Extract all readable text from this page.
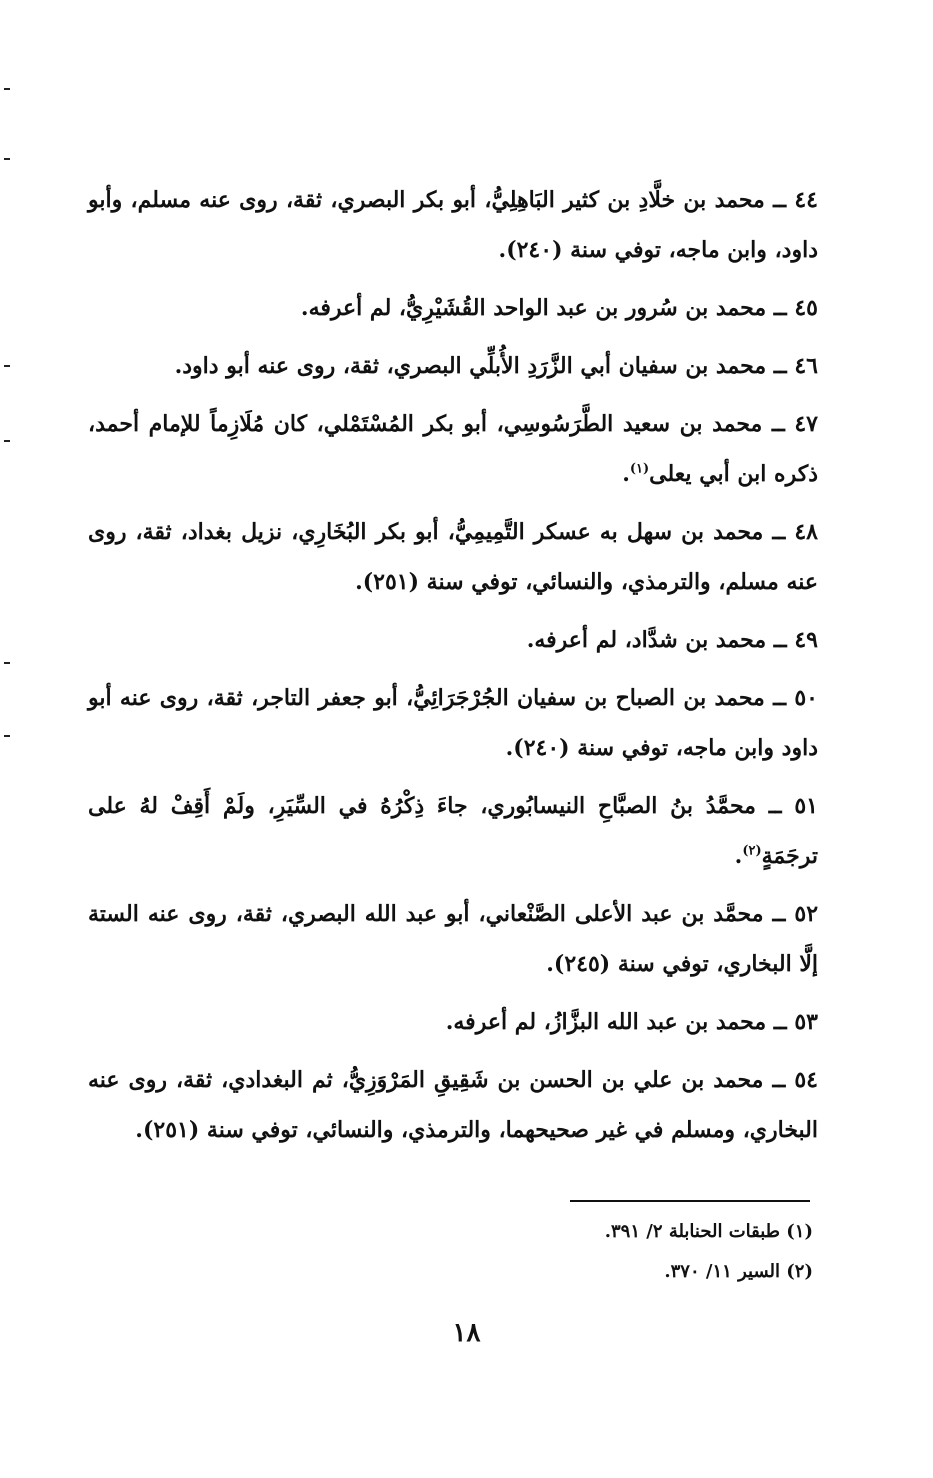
٤٤ ــ محمد بن خلَّادِ بن كثير البَاهِلِيُّ، أبو بكر البصري، ثقة، روى عنه مسلم، وأبو داود، وابن ماجه، توفي سنة (٢٤٠).
٤٥ ــ محمد بن سُرور بن عبد الواحد القُشَيْرِيُّ، لم أعرفه.
٤٦ ــ محمد بن سفيان أبي الزَّرَدِ الأُبلِّي البصري، ثقة، روى عنه أبو داود.
٤٧ ــ محمد بن سعيد الطَّرَسُوسِي، أبو بكر المُسْتَمْلي، كان مُلَازِماً للإمام أحمد، ذكره ابن أبي يعلى$^{(١)}$.
٤٨ ــ محمد بن سهل به عسكر التَّمِيمِيُّ، أبو بكر البُخَارِي، نزيل بغداد، ثقة، روى عنه مسلم، والترمذي، والنسائي، توفي سنة (٢٥١).
٤٩ ــ محمد بن شدَّاد، لم أعرفه.
٥٠ ــ محمد بن الصباح بن سفيان الجُرْجَرَائِيُّ، أبو جعفر التاجر، ثقة، روى عنه أبو داود وابن ماجه، توفي سنة (٢٤٠).
٥١ ــ محمَّدُ بنُ الصبَّاحِ النيسابُوري، جاءَ ذِكْرُهُ في السِّيَرِ، ولَمْ أَقِفْ لهُ على ترجَمَةٍ$^{(٢)}$.
٥٢ ــ محمَّد بن عبد الأعلى الصَّنْعاني، أبو عبد الله البصري، ثقة، روى عنه الستة إلَّا البخاري، توفي سنة (٢٤٥).
٥٣ ــ محمد بن عبد الله البزَّازُ، لم أعرفه.
٥٤ ــ محمد بن علي بن الحسن بن شَقِيقِ المَرْوَزِيُّ، ثم البغدادي، ثقة، روى عنه البخاري، ومسلم في غير صحيحهما، والترمذي، والنسائي، توفي سنة (٢٥١).
(١) طبقات الحنابلة ٢/ ٣٩١.
(٢) السير ١١/ ٣٧٠.
١٨
